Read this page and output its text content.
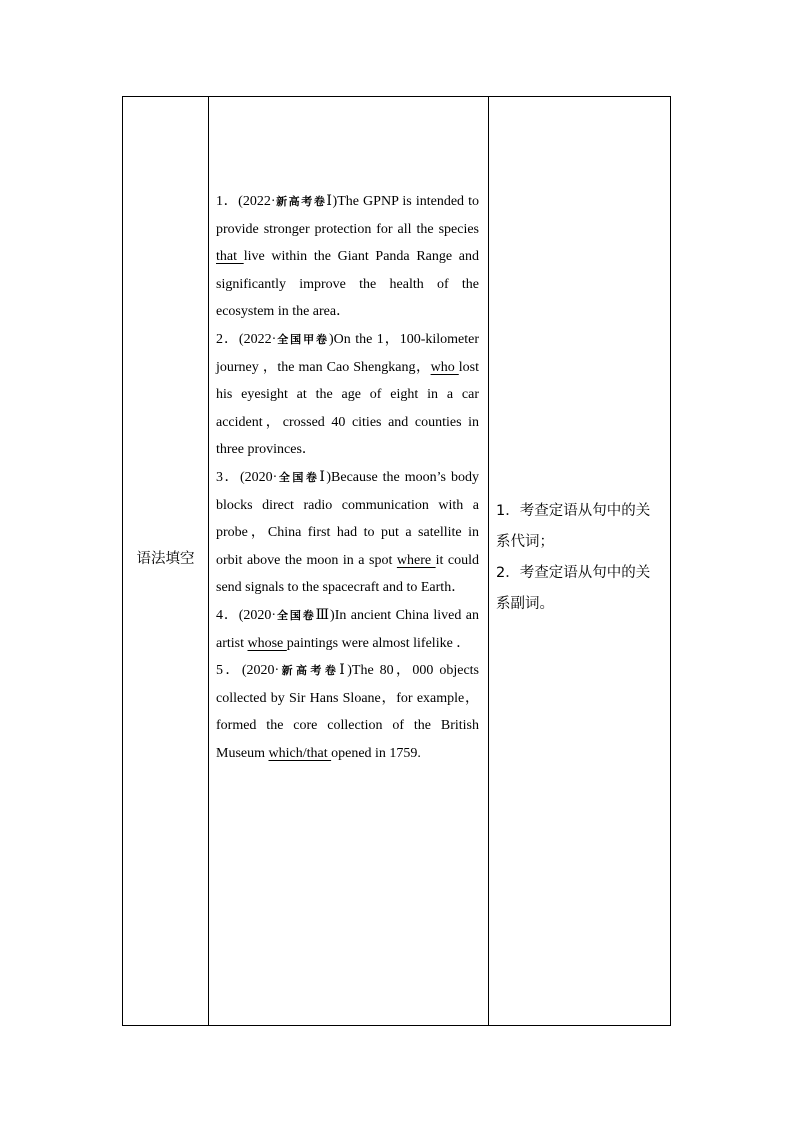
语法填空

1．(2022·新高考卷Ⅰ)The GPNP is intended to provide stronger protection for all the species that live within the Giant Panda Range and significantly improve the health of the ecosystem in the area．

2．(2022·全国甲卷)On the 1，100-kilometer journey ，the man Cao Shengkang，who lost his eyesight at the age of eight in a car accident，crossed 40 cities and counties in three provinces．

3．(2020·全国卷Ⅰ)Because the moon’s body blocks direct radio communication with a probe，China first had to put a satellite in orbit above the moon in a spot where it could send signals to the spacecraft and to Earth．

4．(2020·全国卷Ⅲ)In ancient China lived an artist whose paintings were almost lifelike ．

5．(2020·新高考卷Ⅰ)The 80，000 objects collected by Sir Hans Sloane，for example，formed the core collection of the British Museum which/that opened in 1759.

1．考查定语从句中的关系代词；

2．考查定语从句中的关系副词。
